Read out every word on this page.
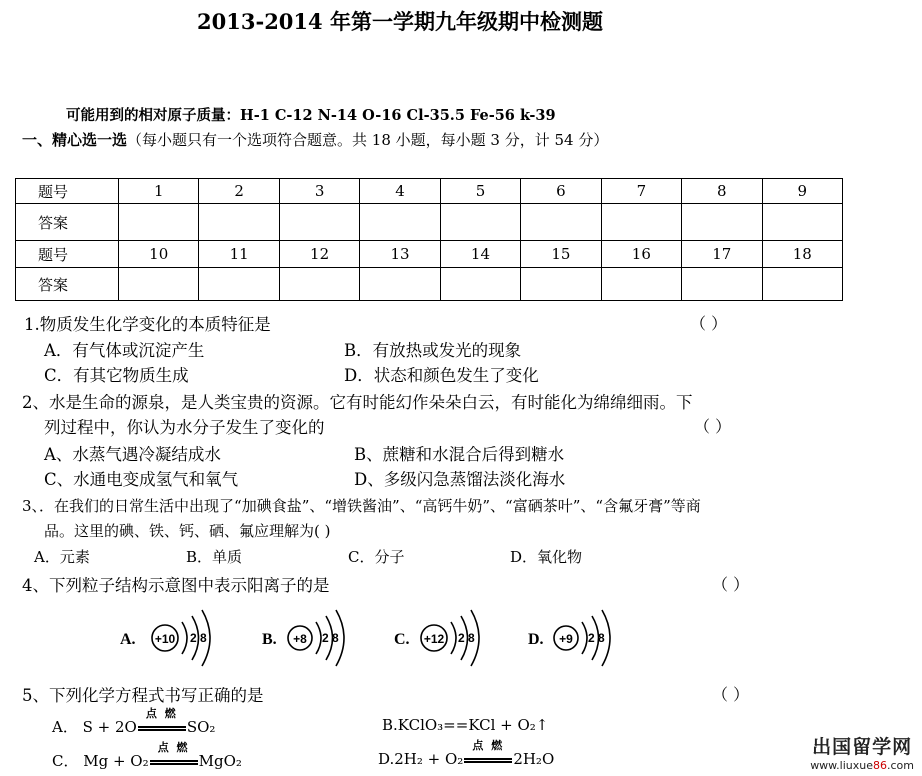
2013-2014 年第一学期九年级期中检测题
可能用到的相对原子质量：H-1 C-12 N-14 O-16 Cl-35.5 Fe-56 k-39
一、精心选一选（每小题只有一个选项符合题意。共 18 小题，每小题 3 分，计 54 分）
题号	1	2	3	4	5	6	7	8	9
答案									
题号	10	11	12	13	14	15	16	17	18
答案									
1.物质发生化学变化的本质特征是	（ ）
A．有气体或沉淀产生	B．有放热或发光的现象
C．有其它物质生成	D．状态和颜色发生了变化
2、水是生命的源泉，是人类宝贵的资源。它有时能幻作朵朵白云，有时能化为绵绵细雨。下
列过程中，你认为水分子发生了变化的	（ ）
A、水蒸气遇冷凝结成水	B、蔗糖和水混合后得到糖水
C、水通电变成氢气和氧气	D、多级闪急蒸馏法淡化海水
3、．在我们的日常生活中出现了“加碘食盐”、“增铁酱油”、“高钙牛奶”、“富硒茶叶”、“含氟牙膏”等商
品。这里的碘、铁、钙、硒、氟应理解为( )
A．元素	B．单质	C．分子	D．氧化物
4、下列粒子结构示意图中表示阳离子的是	（ ）
A. +10 2 8	B. +8 2 8	C. +12 2 8	D. +9 2 8
5、下列化学方程式书写正确的是	（ ）
A． S + 2O
点 燃
SO₂	B.KClO₃==KCl + O₂↑
C． Mg + O₂
点 燃
MgO₂	D.2H₂ + O₂
点 燃
2H₂O
出国留学网
www.liuxue86.com
